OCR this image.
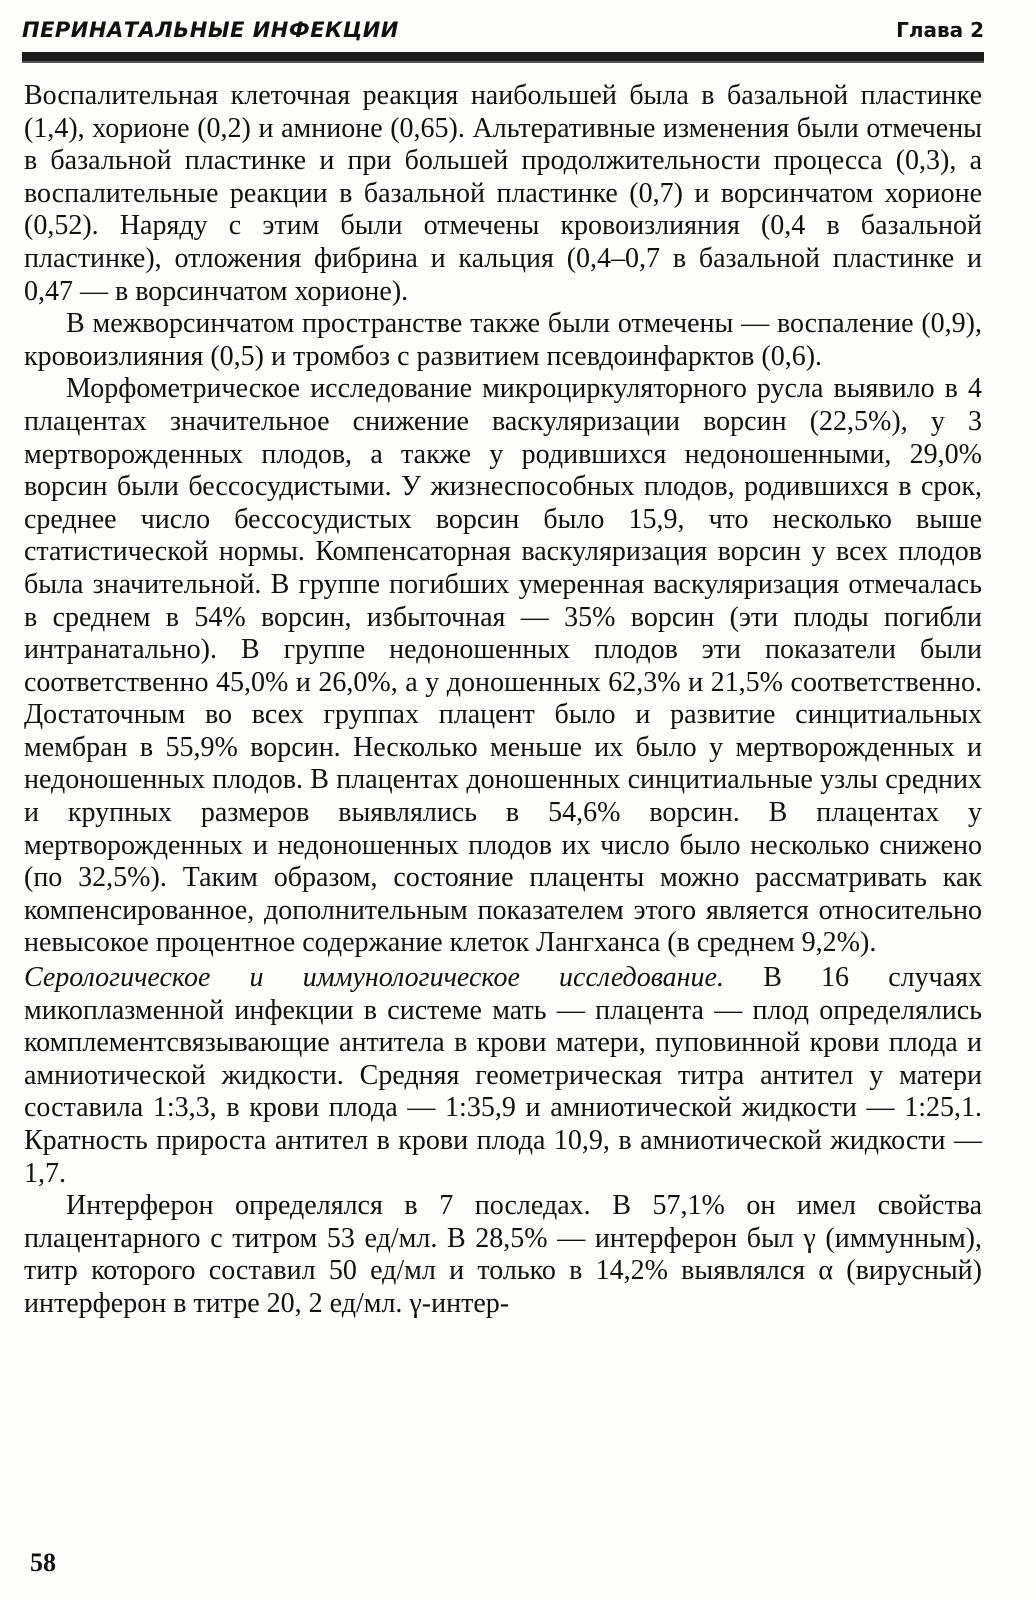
ПЕРИНАТАЛЬНЫЕ ИНФЕКЦИИ	Глава 2

Воспалительная клеточная реакция наибольшей была в базальной пластинке (1,4), хорионе (0,2) и амнионе (0,65). Альтеративные изменения были отмечены в базальной пластинке и при большей продолжительности процесса (0,3), а воспалительные реакции в базальной пластинке (0,7) и ворсинчатом хорионе (0,52). Наряду с этим были отмечены кровоизлияния (0,4 в базальной пластинке), отложения фибрина и кальция (0,4–0,7 в базальной пластинке и 0,47 — в ворсинчатом хорионе).

В межворсинчатом пространстве также были отмечены — воспаление (0,9), кровоизлияния (0,5) и тромбоз с развитием псевдоинфарктов (0,6).

Морфометрическое исследование микроциркуляторного русла выявило в 4 плацентах значительное снижение васкуляризации ворсин (22,5%), у 3 мертворожденных плодов, а также у родившихся недоношенными, 29,0% ворсин были бессосудистыми. У жизнеспособных плодов, родившихся в срок, среднее число бессосудистых ворсин было 15,9, что несколько выше статистической нормы. Компенсаторная васкуляризация ворсин у всех плодов была значительной. В группе погибших умеренная васкуляризация отмечалась в среднем в 54% ворсин, избыточная — 35% ворсин (эти плоды погибли интранатально). В группе недоношенных плодов эти показатели были соответственно 45,0% и 26,0%, а у доношенных 62,3% и 21,5% соответственно. Достаточным во всех группах плацент было и развитие синцитиальных мембран в 55,9% ворсин. Несколько меньше их было у мертворожденных и недоношенных плодов. В плацентах доношенных синцитиальные узлы средних и крупных размеров выявлялись в 54,6% ворсин. В плацентах у мертворожденных и недоношенных плодов их число было несколько снижено (по 32,5%). Таким образом, состояние плаценты можно рассматривать как компенсированное, дополнительным показателем этого является относительно невысокое процентное содержание клеток Лангханса (в среднем 9,2%).

Серологическое и иммунологическое исследование. В 16 случаях микоплазменной инфекции в системе мать — плацента — плод определялись комплементсвязывающие антитела в крови матери, пуповинной крови плода и амниотической жидкости. Средняя геометрическая титра антител у матери составила 1:3,3, в крови плода — 1:35,9 и амниотической жидкости — 1:25,1. Кратность прироста антител в крови плода 10,9, в амниотической жидкости — 1,7.

Интерферон определялся в 7 последах. В 57,1% он имел свойства плацентарного с титром 53 ед/мл. В 28,5% — интерферон был γ (иммунным), титр которого составил 50 ед/мл и только в 14,2% выявлялся α (вирусный) интерферон в титре 20, 2 ед/мл. γ-интер-

58
